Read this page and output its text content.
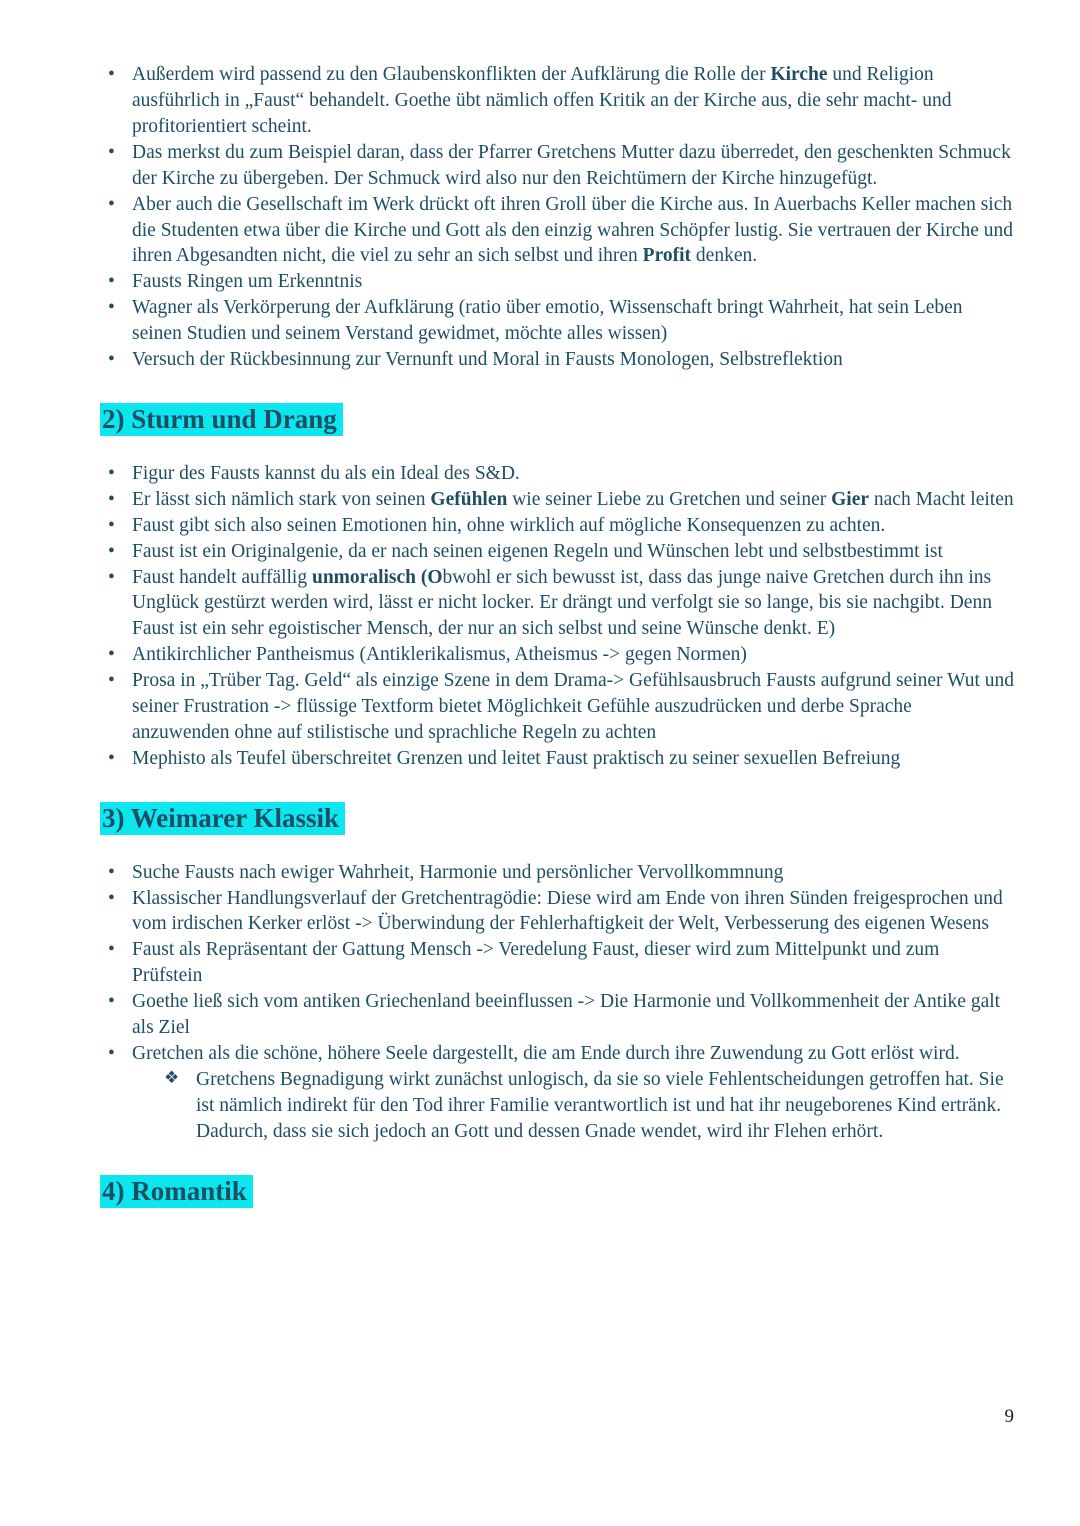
• Außerdem wird passend zu den Glaubenskonflikten der Aufklärung die Rolle der Kirche und Religion ausführlich in „Faust“ behandelt. Goethe übt nämlich offen Kritik an der Kirche aus, die sehr macht- und profitorientiert scheint.
• Das merkst du zum Beispiel daran, dass der Pfarrer Gretchens Mutter dazu überredet, den geschenkten Schmuck der Kirche zu übergeben. Der Schmuck wird also nur den Reichtümern der Kirche hinzugefügt.
• Aber auch die Gesellschaft im Werk drückt oft ihren Groll über die Kirche aus. In Auerbachs Keller machen sich die Studenten etwa über die Kirche und Gott als den einzig wahren Schöpfer lustig. Sie vertrauen der Kirche und ihren Abgesandten nicht, die viel zu sehr an sich selbst und ihren Profit denken.
• Fausts Ringen um Erkenntnis
• Wagner als Verkörperung der Aufklärung (ratio über emotio, Wissenschaft bringt Wahrheit, hat sein Leben seinen Studien und seinem Verstand gewidmet, möchte alles wissen)
• Versuch der Rückbesinnung zur Vernunft und Moral in Fausts Monologen, Selbstreflektion
2) Sturm und Drang
• Figur des Fausts kannst du als ein Ideal des S&D.
• Er lässt sich nämlich stark von seinen Gefühlen wie seiner Liebe zu Gretchen und seiner Gier nach Macht leiten
• Faust gibt sich also seinen Emotionen hin, ohne wirklich auf mögliche Konsequenzen zu achten.
• Faust ist ein Originalgenie, da er nach seinen eigenen Regeln und Wünschen lebt und selbstbestimmt ist
• Faust handelt auffällig unmoralisch (Obwohl er sich bewusst ist, dass das junge naive Gretchen durch ihn ins Unglück gestürzt werden wird, lässt er nicht locker. Er drängt und verfolgt sie so lange, bis sie nachgibt. Denn Faust ist ein sehr egoistischer Mensch, der nur an sich selbst und seine Wünsche denkt. E)
• Antikirchlicher Pantheismus (Antiklerikalismus, Atheismus -> gegen Normen)
• Prosa in „Trüber Tag. Geld“ als einzige Szene in dem Drama-> Gefühlsausbruch Fausts aufgrund seiner Wut und seiner Frustration -> flüssige Textform bietet Möglichkeit Gefühle auszudrücken und derbe Sprache anzuwenden ohne auf stilistische und sprachliche Regeln zu achten
• Mephisto als Teufel überschreitet Grenzen und leitet Faust praktisch zu seiner sexuellen Befreiung
3) Weimarer Klassik
• Suche Fausts nach ewiger Wahrheit, Harmonie und persönlicher Vervollkommnung
• Klassischer Handlungsverlauf der Gretchentragödie: Diese wird am Ende von ihren Sünden freigesprochen und vom irdischen Kerker erlöst -> Überwindung der Fehlerhaftigkeit der Welt, Verbesserung des eigenen Wesens
• Faust als Repräsentant der Gattung Mensch -> Veredelung Faust, dieser wird zum Mittelpunkt und zum Prüfstein
• Goethe ließ sich vom antiken Griechenland beeinflussen -> Die Harmonie und Vollkommenheit der Antike galt als Ziel
• Gretchen als die schöne, höhere Seele dargestellt, die am Ende durch ihre Zuwendung zu Gott erlöst wird.
❖ Gretchens Begnadigung wirkt zunächst unlogisch, da sie so viele Fehlentscheidungen getroffen hat. Sie ist nämlich indirekt für den Tod ihrer Familie verantwortlich ist und hat ihr neugeborenes Kind ertränk. Dadurch, dass sie sich jedoch an Gott und dessen Gnade wendet, wird ihr Flehen erhört.
4) Romantik
9
